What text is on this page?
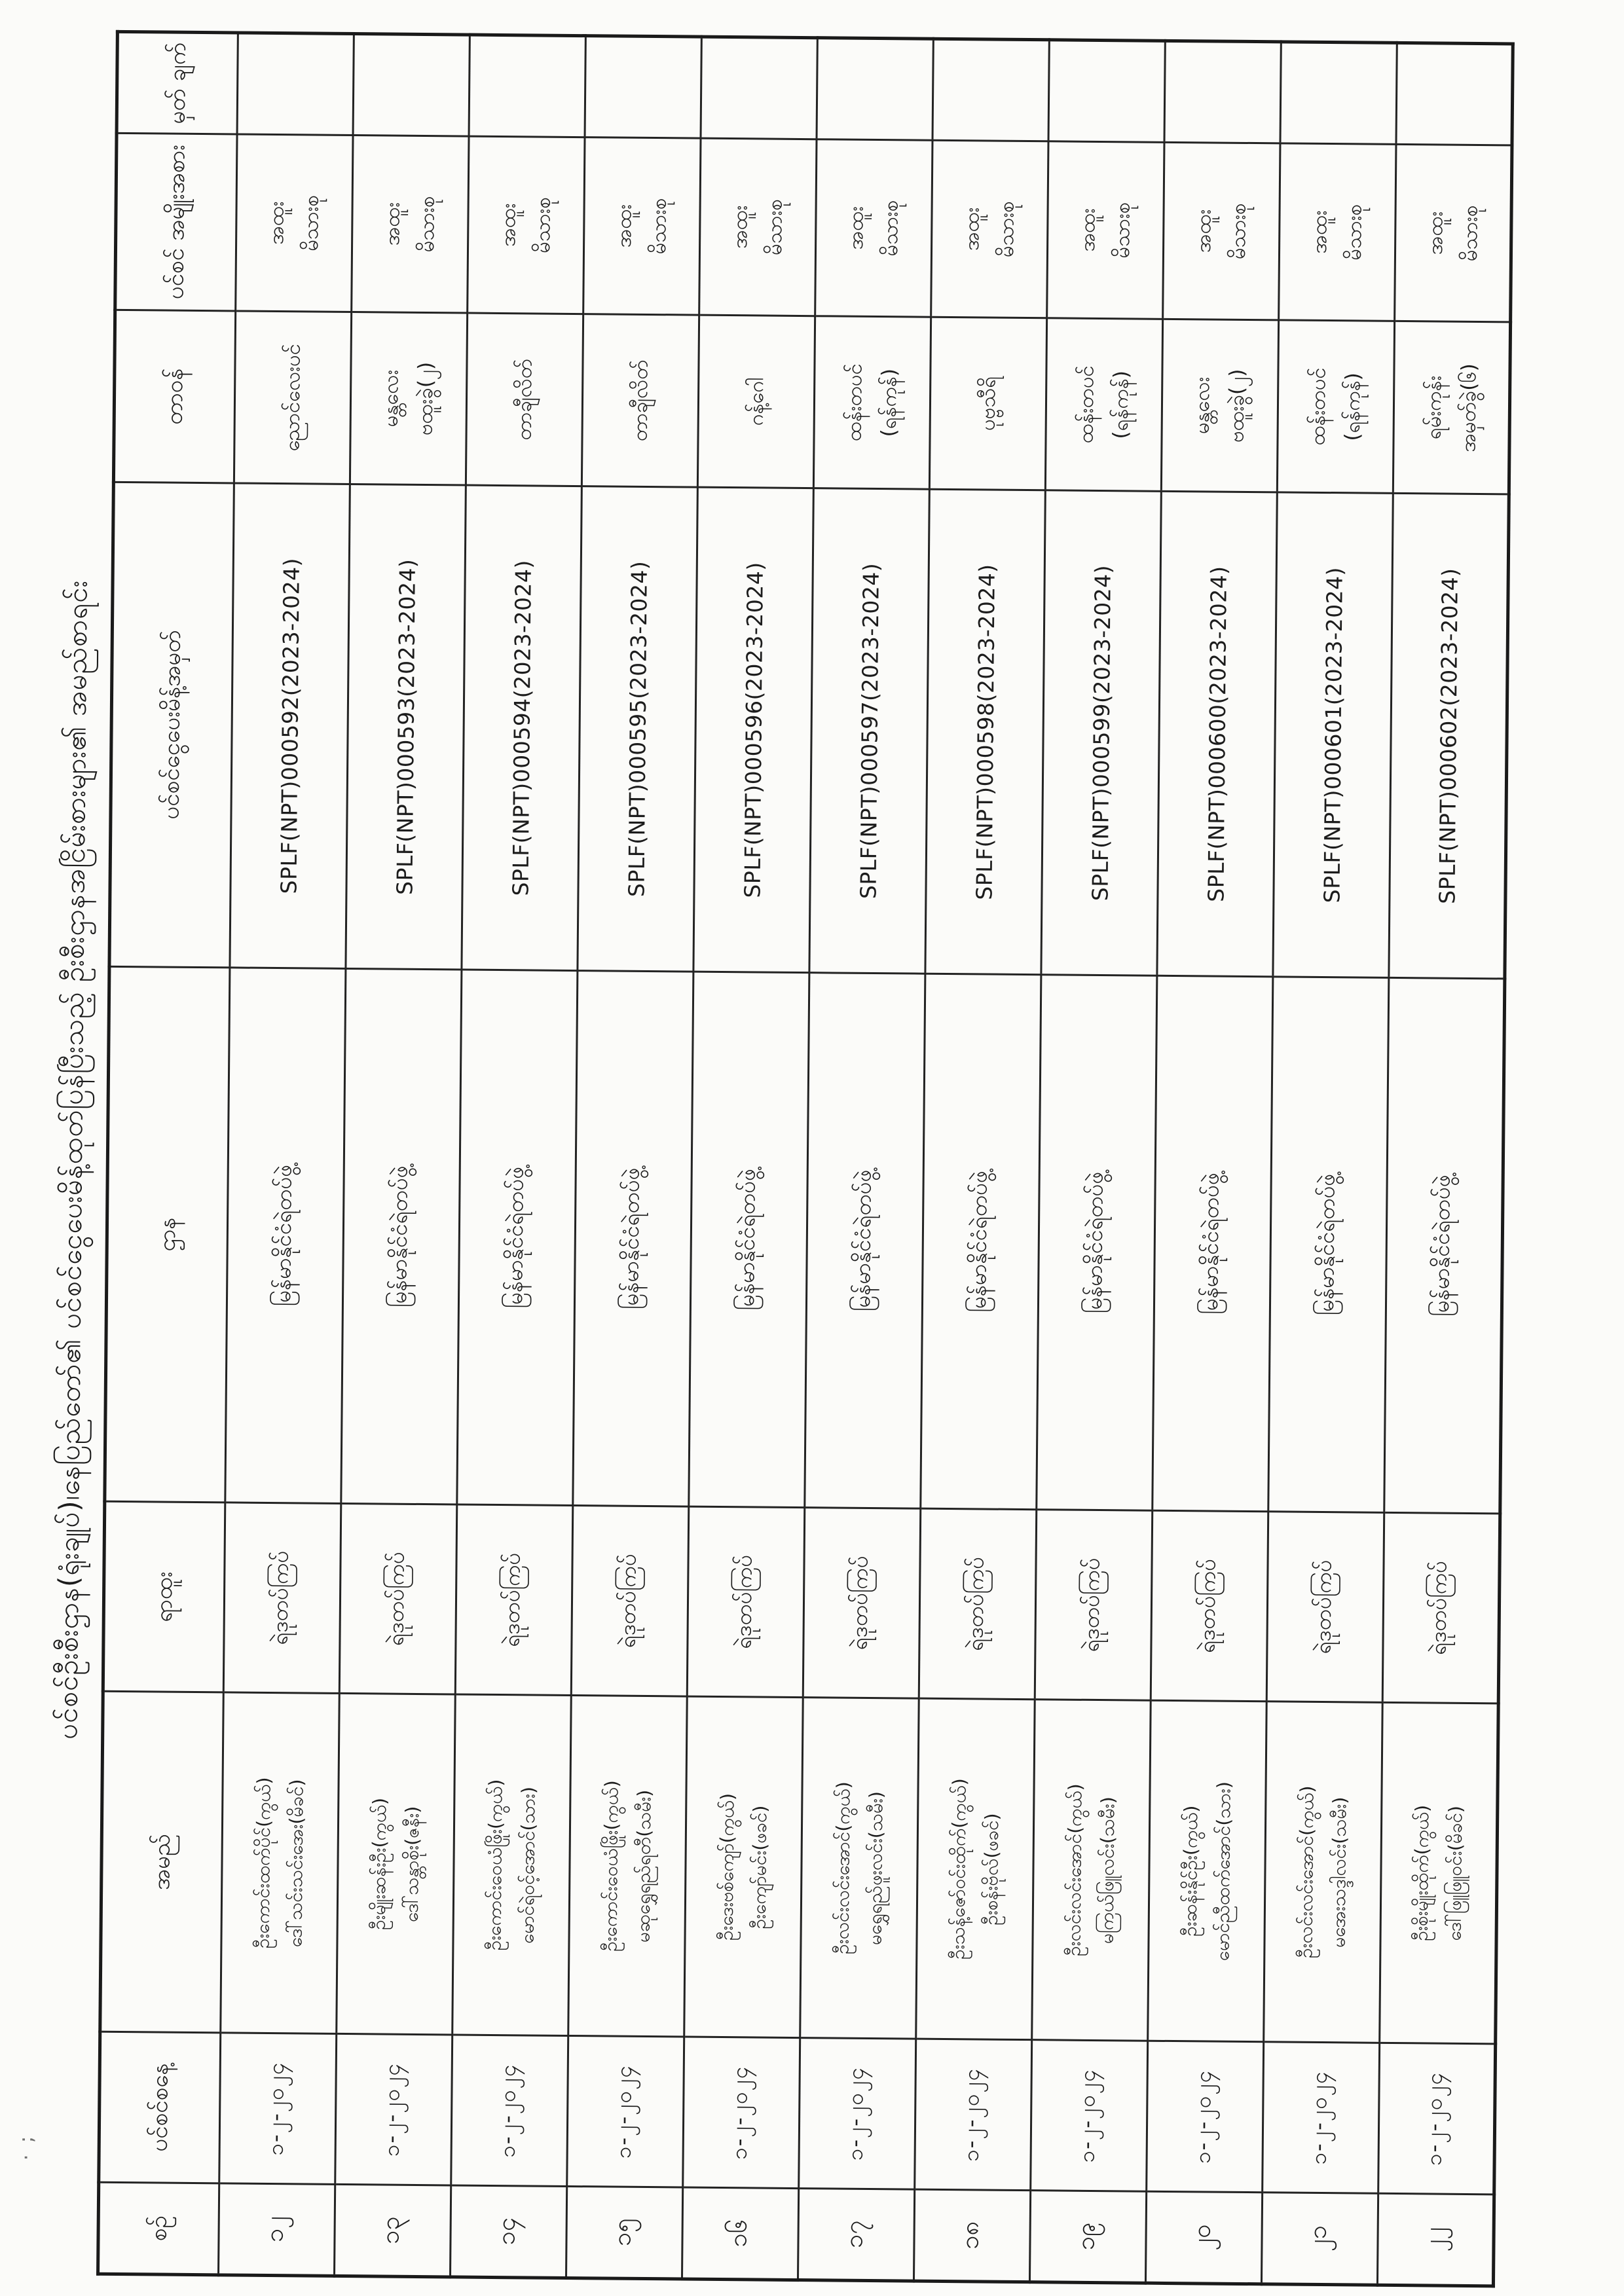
ပင်စင်ဦးစီးဌာန(ရုံးချုပ်)၊နေပြည်တော်၏ ပင်စင်ငွေပေးမိန့်ထုတ်ပြန်ပြီးသည့် ဦးစီးဌာနအငြိမ်းစားများ၏ အမည်စာရင်း
စဉ်	ပင်စင်စနေ့	အမည်	ရာထူး	ဌာန	ပင်စင်ငွေပေးမိန့်အမှတ်	တာဝန်	ပင်စင် အမျိုးအစား	မှတ် ချက်
၁၂	၁-၂-၂၀၂၄	ဦးကောင်းထက်ပိုင်(ကွယ်) ဒေါ်သင်းသင်းအေး(မိခင်)	ရဲဒုတပ်ကြပ်	မြန်မာနိုင်ငံရဲတပ်ဖွဲ့	SPLF(NPT)000592(2023-2024)	ညောင်လေးပင်	အထူး မိသားစု	

၁၃	၁-၂-၂၀၂၄	ဦးမျိုးဆန်းဦး(ကွယ်) ဒေါ်သန္တာစိုး(ဇနီး)	ရဲဒုတပ်ကြပ်	မြန်မာနိုင်ငံရဲတပ်ဖွဲ့	SPLF(NPT)000593(2023-2024)	မန္တလေး ဗထူးခွဲ(၂)	အထူး မိသားစု	

၁၄	၁-၂-၂၀၂၄	ဦးကောင်းဝေယံဖြိုး(ကွယ်) မောင်ရဲဝင့်အောင်(သား)	ရဲဒုတပ်ကြပ်	မြန်မာနိုင်ငံရဲတပ်ဖွဲ့	SPLF(NPT)000594(2023-2024)	တာချီလိတ်	အထူး မိသားစု	

၁၅	၁-၂-၂၀၂၄	ဦးကောင်းဝေယံဖြိုး(ကွယ်) မဆုရွှေရည်ရတီ(သမီး)	ရဲဒုတပ်ကြပ်	မြန်မာနိုင်ငံရဲတပ်ဖွဲ့	SPLF(NPT)000595(2023-2024)	တာချီလိတ်	အထူး မိသားစု	

၁၆	၁-၂-၂၀၂၄	ဦးဒေးဗစ်ကျော်(ကွယ်) ဦးကျော်မင်း(ဖခင်)	ရဲဒုတပ်ကြပ်	မြန်မာနိုင်ငံရဲတပ်ဖွဲ့	SPLF(NPT)000596(2023-2024)	ဂန့်ဂေါ	အထူး မိသားစု	

၁၇	၁-၂-၂၀၂၄	ဦးလင်းလင်းအောင်(ကွယ်) မရွှေရည်ဖူးလင်း(သမီး)	ရဲဒုတပ်ကြပ်	မြန်မာနိုင်ငံရဲတပ်ဖွဲ့	SPLF(NPT)000597(2023-2024)	ထန်းတပင် (ရန်ကုန်)	အထူး မိသားစု	

၁၈	၁-၂-၂၀၂၄	ဦးသန့်ဇော်ဝင်းထိုက်(ကွယ်) ဦးစန်းဗိုလ်(ဖခင်)	ရဲဒုတပ်ကြပ်	မြန်မာနိုင်ငံရဲတပ်ဖွဲ့	SPLF(NPT)000598(2023-2024)	ပုဗ္ဗသီရိ	အထူး မိသားစု	

၁၉	၁-၂-၂၀၂၄	ဦးလင်းလင်းအောင်(ကွယ်) မကြယ်ဖြူလင်း(သမီး)	ရဲဒုတပ်ကြပ်	မြန်မာနိုင်ငံရဲတပ်ဖွဲ့	SPLF(NPT)000599(2023-2024)	ထန်းတပင် (ရန်ကုန်)	အထူး မိသားစု	

၂၀	၁-၂-၂၀၂၄	ဦးဆန်းနိုင်ဦး(ကွယ်) မောင်ညီထက်အောင်(သား)	ရဲဒုတပ်ကြပ်	မြန်မာနိုင်ငံရဲတပ်ဖွဲ့	SPLF(NPT)000600(2023-2024)	မန္တလေး ဗထူးခွဲ(၂)	အထူး မိသားစု	

၂၁	၁-၂-၂၀၂၄	ဦးလင်းလင်းအောင်(ကွယ်) မအေးသဒ္ဒါလင်း(သမီး)	ရဲဒုတပ်ကြပ်	မြန်မာနိုင်ငံရဲတပ်ဖွဲ့	SPLF(NPT)000601(2023-2024)	ထန်းတပင် (ရန်ကုန်)	အထူး မိသားစု	

၂၂	၁-၂-၂၀၂၄	ဦးစိုးမျိုးထိုက်(ကွယ်) ဒေါ်ဖြူဖြူဝင်း(မိခင်)	ရဲဒုတပ်ကြပ်	မြန်မာနိုင်ငံရဲတပ်ဖွဲ့	SPLF(NPT)000602(2023-2024)	ရမ်းကုန်း အမှတ်ခွဲ(၆)	အထူး မိသားစု	

· ;
